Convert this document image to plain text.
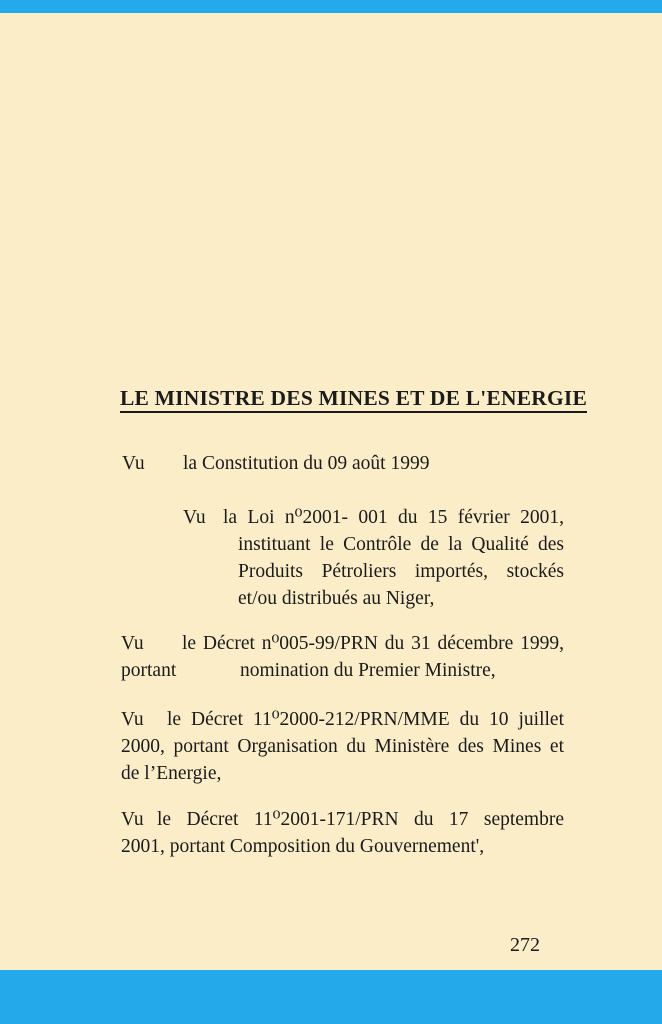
LE MINISTRE DES MINES ET DE L'ENERGIE
Vu la Constitution du 09 août 1999
Vu la Loi n⁰2001- 001 du 15 février 2001,
instituant le Contrôle de la Qualité des
Produits Pétroliers importés, stockés
et/ou distribués au Niger,
Vu le Décret n⁰005-99/PRN du 31 décembre 1999,
portant	nomination du Premier Ministre,
Vu le Décret 11⁰2000-212/PRN/MME du 10 juillet
2000, portant Organisation du Ministère des Mines et
de l’Energie,
Vu le Décret 11⁰2001-171/PRN du 17 septembre
2001, portant Composition du Gouvernement',
272
